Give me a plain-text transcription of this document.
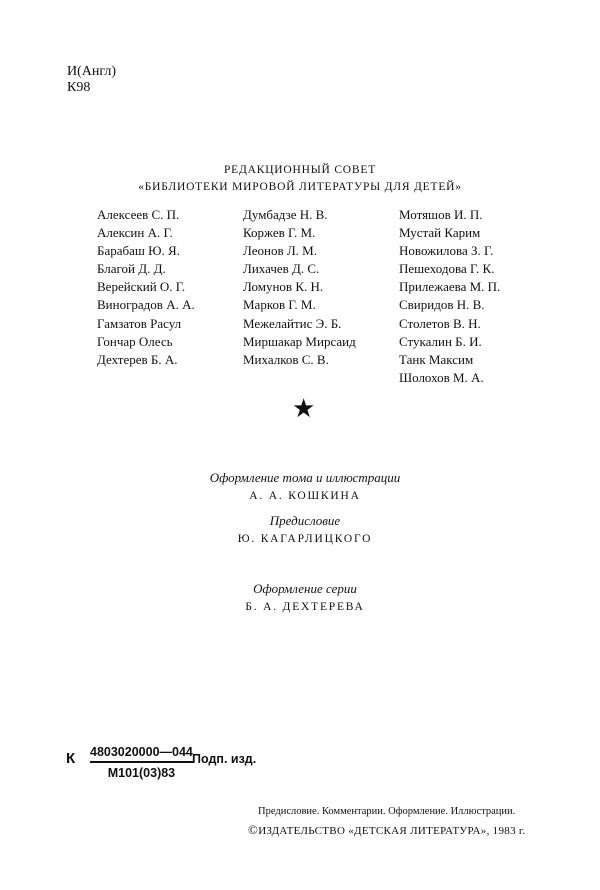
И(Англ)
К98
РЕДАКЦИОННЫЙ СОВЕТ
«БИБЛИОТЕКИ МИРОВОЙ ЛИТЕРАТУРЫ ДЛЯ ДЕТЕЙ»
Алексеев С. П.
Алексин А. Г.
Барабаш Ю. Я.
Благой Д. Д.
Верейский О. Г.
Виноградов А. А.
Гамзатов Расул
Гончар Олесь
Дехтерев Б. А.
Думбадзе Н. В.
Коржев Г. М.
Леонов Л. М.
Лихачев Д. С.
Ломунов К. Н.
Марков Г. М.
Межелайтис Э. Б.
Миршакар Мирсаид
Михалков С. В.
Мотяшов И. П.
Мустай Карим
Новожилова З. Г.
Пешеходова Г. К.
Прилежаева М. П.
Свиридов Н. В.
Столетов В. Н.
Стукалин Б. И.
Танк Максим
Шолохов М. А.
★
Оформление тома и иллюстрации
А. А. КОШКИНА
Предисловие
Ю. КАГАРЛИЦКОГО
Оформление серии
Б. А. ДЕХТЕРЕВА
К 4803020000—044
М101(03)83
Подп. изд.
Предисловие. Комментарии. Оформление. Иллюстрации.
©ИЗДАТЕЛЬСТВО «ДЕТСКАЯ ЛИТЕРАТУРА», 1983 г.
